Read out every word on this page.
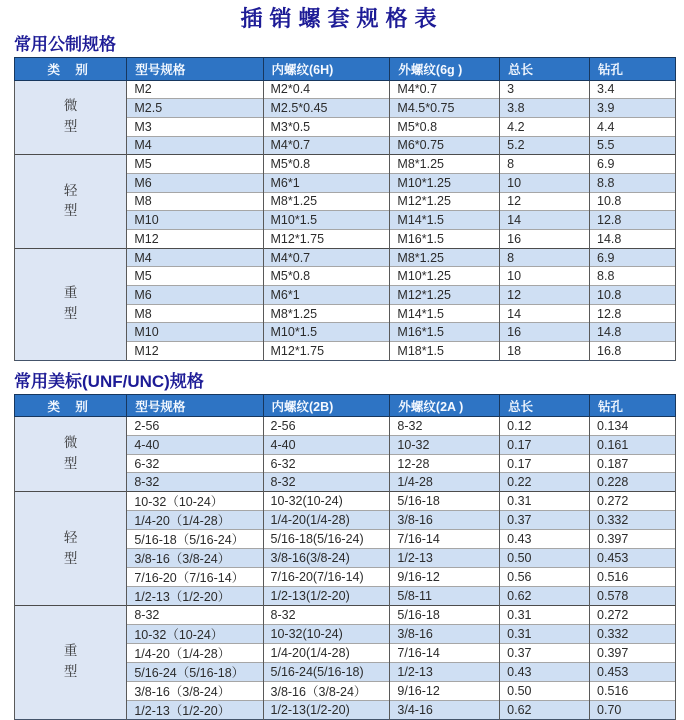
插销螺套规格表
常用公制规格
类 别	型号规格	内螺纹(6H)	外螺纹(6g )	总长	钻孔
微
型	M2	M2*0.4	M4*0.7	3	3.4
	M2.5	M2.5*0.45	M4.5*0.75	3.8	3.9
	M3	M3*0.5	M5*0.8	4.2	4.4
	M4	M4*0.7	M6*0.75	5.2	5.5
轻
型	M5	M5*0.8	M8*1.25	8	6.9
	M6	M6*1	M10*1.25	10	8.8
	M8	M8*1.25	M12*1.25	12	10.8
	M10	M10*1.5	M14*1.5	14	12.8
	M12	M12*1.75	M16*1.5	16	14.8
重
型	M4	M4*0.7	M8*1.25	8	6.9
	M5	M5*0.8	M10*1.25	10	8.8
	M6	M6*1	M12*1.25	12	10.8
	M8	M8*1.25	M14*1.5	14	12.8
	M10	M10*1.5	M16*1.5	16	14.8
	M12	M12*1.75	M18*1.5	18	16.8
常用美标(UNF/UNC)规格
类 别	型号规格	内螺纹(2B)	外螺纹(2A )	总长	钻孔
微
型	2-56	2-56	8-32	0.12	0.134
	4-40	4-40	10-32	0.17	0.161
	6-32	6-32	12-28	0.17	0.187
	8-32	8-32	1/4-28	0.22	0.228
轻
型	10-32（10-24）	10-32(10-24)	5/16-18	0.31	0.272
	1/4-20（1/4-28）	1/4-20(1/4-28)	3/8-16	0.37	0.332
	5/16-18（5/16-24）	5/16-18(5/16-24)	7/16-14	0.43	0.397
	3/8-16（3/8-24）	3/8-16(3/8-24)	1/2-13	0.50	0.453
	7/16-20（7/16-14）	7/16-20(7/16-14)	9/16-12	0.56	0.516
	1/2-13（1/2-20）	1/2-13(1/2-20)	5/8-11	0.62	0.578
重
型	8-32	8-32	5/16-18	0.31	0.272
	10-32（10-24）	10-32(10-24)	3/8-16	0.31	0.332
	1/4-20（1/4-28）	1/4-20(1/4-28)	7/16-14	0.37	0.397
	5/16-24（5/16-18）	5/16-24(5/16-18)	1/2-13	0.43	0.453
	3/8-16（3/8-24）	3/8-16（3/8-24）	9/16-12	0.50	0.516
	1/2-13（1/2-20）	1/2-13(1/2-20)	3/4-16	0.62	0.70
